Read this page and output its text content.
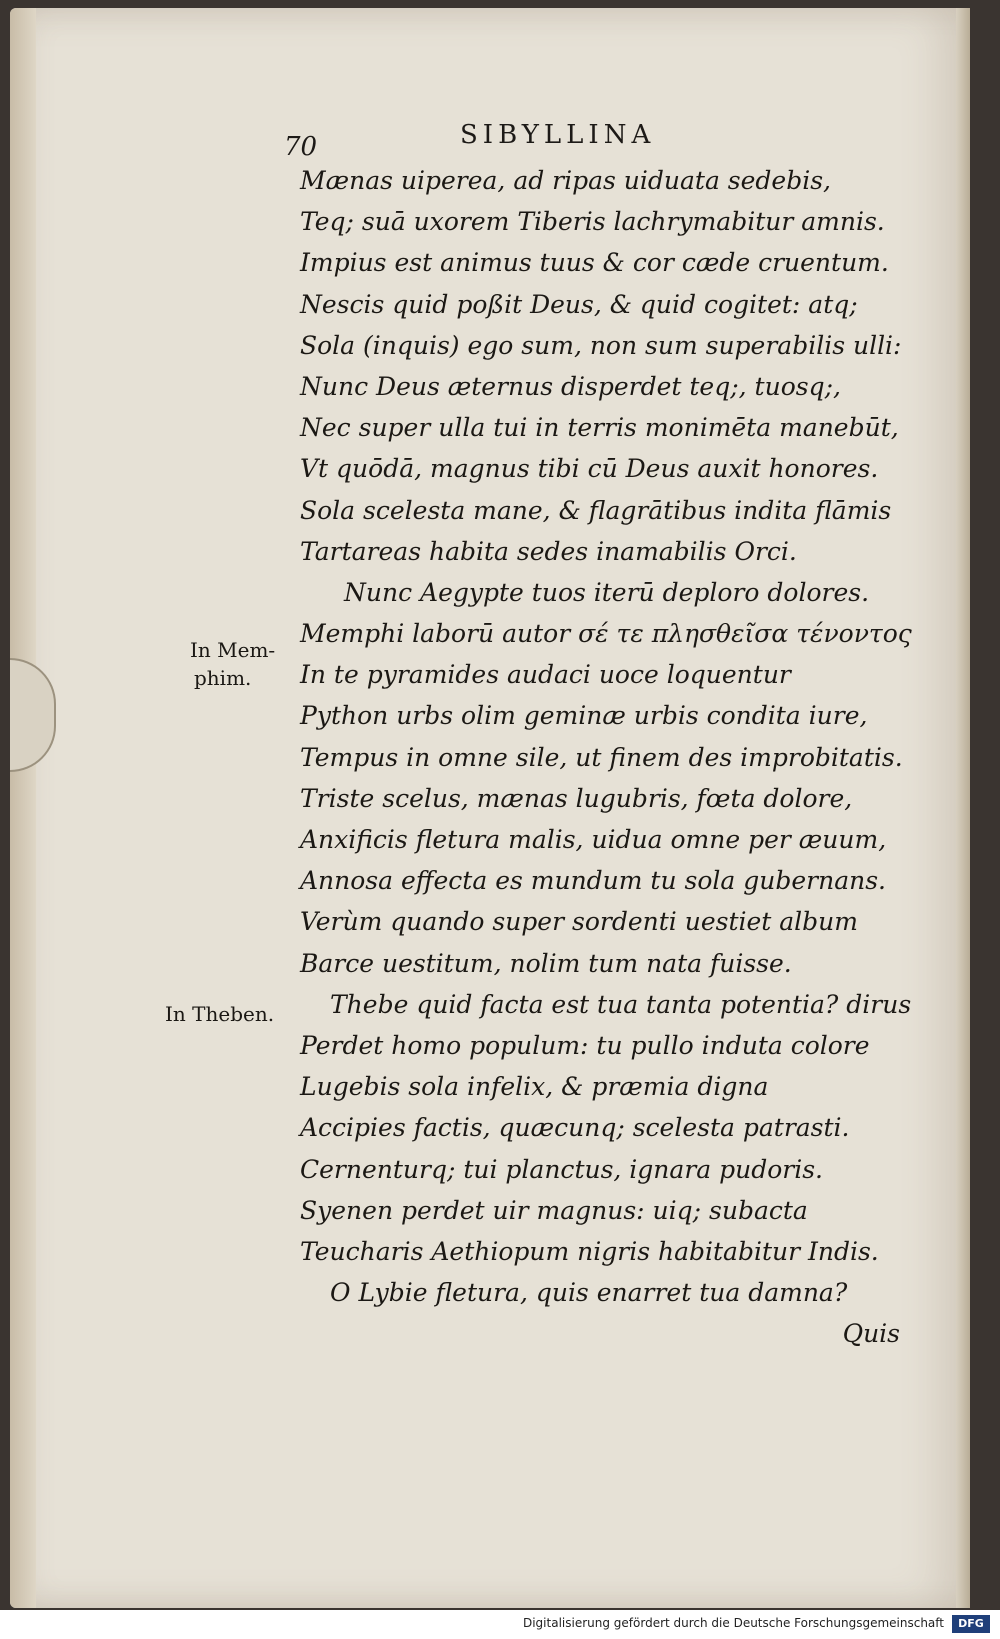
70	SIBYLLINA
In Mem-
phim.
In Theben.
Mænas uiperea, ad ripas uiduata sedebis,
Teq; suā uxorem Tiberis lachrymabitur amnis.
Impius est animus tuus & cor cæde cruentum.
Nescis quid poßit Deus, & quid cogitet: atq;
Sola (inquis) ego sum, non sum superabilis ulli:
Nunc Deus æternus disperdet teq;, tuosq;,
Nec super ulla tui in terris monimēta manebūt,
Vt quōdā, magnus tibi cū Deus auxit honores.
Sola scelesta mane, & flagrātibus indita flāmis
Tartareas habita sedes inamabilis Orci.
Nunc Aegypte tuos iterū deploro dolores.
Memphi laborū autor σέ τε πλησθεῖσα τένοντος
In te pyramides audaci uoce loquentur
Python urbs olim geminæ urbis condita iure,
Tempus in omne sile, ut finem des improbitatis.
Triste scelus, mænas lugubris, fœta dolore,
Anxificis fletura malis, uidua omne per æuum,
Annosa effecta es mundum tu sola gubernans.
Verùm quando super sordenti uestiet album
Barce uestitum, nolim tum nata fuisse.
Thebe quid facta est tua tanta potentia? dirus
Perdet homo populum: tu pullo induta colore
Lugebis sola infelix, & præmia digna
Accipies factis, quæcunq; scelesta patrasti.
Cernenturq; tui planctus, ignara pudoris.
Syenen perdet uir magnus: uiq; subacta
Teucharis Aethiopum nigris habitabitur Indis.
O Lybie fletura, quis enarret tua damna?
Quis
Digitalisierung gefördert durch die Deutsche Forschungsgemeinschaft	DFG
